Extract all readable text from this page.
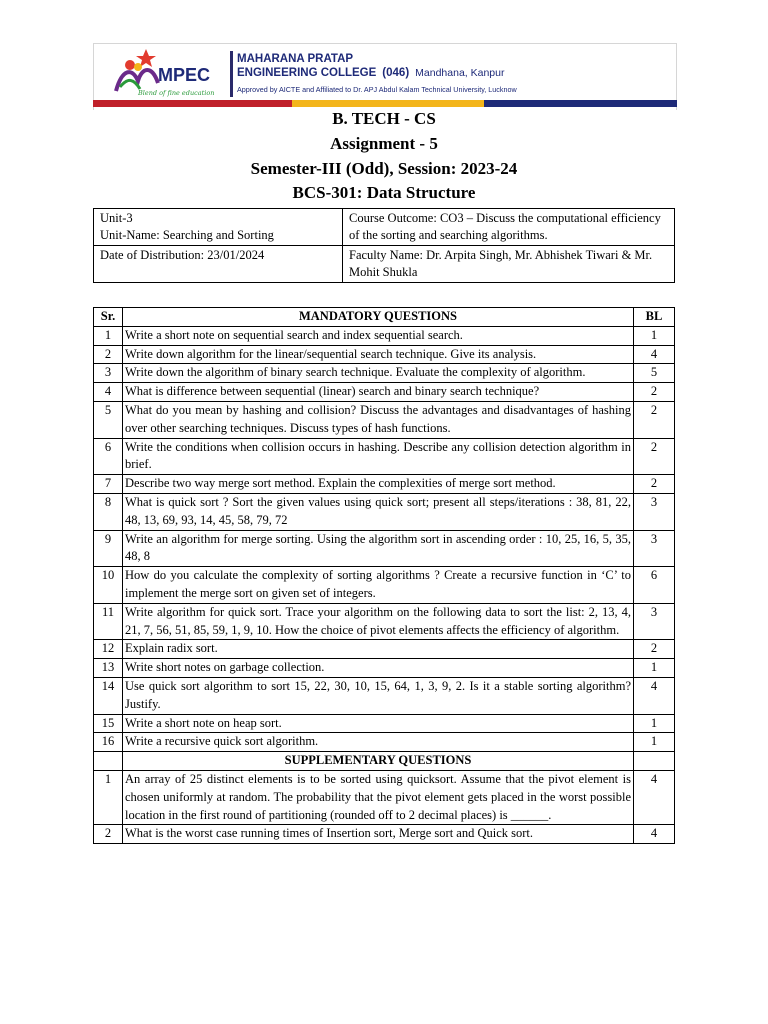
MPEC
Blend of fine education
MAHARANA PRATAP
ENGINEERING COLLEGE (046) Mandhana, Kanpur
Approved by AICTE and Affiliated to Dr. APJ Abdul Kalam Technical University, Lucknow
B. TECH - CS
Assignment - 5
Semester-III (Odd), Session: 2023-24
BCS-301: Data Structure
Unit-3
Unit-Name: Searching and Sorting	Course Outcome: CO3 – Discuss the computational efficiency of the sorting and searching algorithms.
Date of Distribution: 23/01/2024	Faculty Name: Dr. Arpita Singh, Mr. Abhishek Tiwari & Mr. Mohit Shukla
Sr.	MANDATORY QUESTIONS	BL
1	Write a short note on sequential search and index sequential search.	1
2	Write down algorithm for the linear/sequential search technique. Give its analysis.	4
3	Write down the algorithm of binary search technique. Evaluate the complexity of algorithm.	5
4	What is difference between sequential (linear) search and binary search technique?	2
5	What do you mean by hashing and collision? Discuss the advantages and disadvantages of hashing over other searching techniques. Discuss types of hash functions.	2
6	Write the conditions when collision occurs in hashing. Describe any collision detection algorithm in brief.	2
7	Describe two way merge sort method. Explain the complexities of merge sort method.	2
8	What is quick sort ? Sort the given values using quick sort; present all steps/iterations : 38, 81, 22, 48, 13, 69, 93, 14, 45, 58, 79, 72	3
9	Write an algorithm for merge sorting. Using the algorithm sort in ascending order : 10, 25, 16, 5, 35, 48, 8	3
10	How do you calculate the complexity of sorting algorithms ? Create a recursive function in ‘C’ to implement the merge sort on given set of integers.	6
11	Write algorithm for quick sort. Trace your algorithm on the following data to sort the list: 2, 13, 4, 21, 7, 56, 51, 85, 59, 1, 9, 10. How the choice of pivot elements affects the efficiency of algorithm.	3
12	Explain radix sort.	2
13	Write short notes on garbage collection.	1
14	Use quick sort algorithm to sort 15, 22, 30, 10, 15, 64, 1, 3, 9, 2. Is it a stable sorting algorithm? Justify.	4
15	Write a short note on heap sort.	1
16	Write a recursive quick sort algorithm.	1
	SUPPLEMENTARY QUESTIONS	
1	An array of 25 distinct elements is to be sorted using quicksort. Assume that the pivot element is chosen uniformly at random. The probability that the pivot element gets placed in the worst possible location in the first round of partitioning (rounded off to 2 decimal places) is ______.	4
2	What is the worst case running times of Insertion sort, Merge sort and Quick sort.	4
